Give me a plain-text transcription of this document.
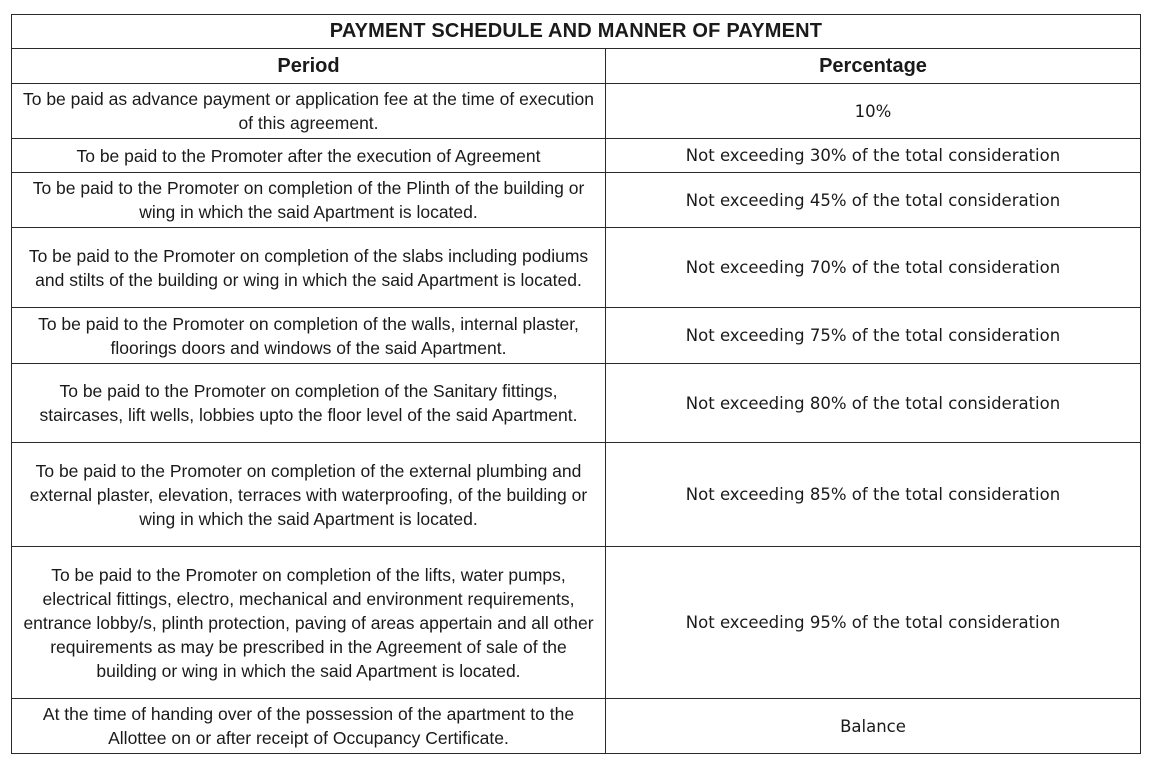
PAYMENT SCHEDULE AND MANNER OF PAYMENT	
Period	Percentage
To be paid as advance payment or application fee at the time of execution of this agreement.	10%
To be paid to the Promoter after the execution of Agreement	Not exceeding 30% of the total consideration
To be paid to the Promoter on completion of the Plinth of the building or wing in which the said Apartment is located.	Not exceeding 45% of the total consideration
To be paid to the Promoter on completion of the slabs including podiums and stilts of the building or wing in which the said Apartment is located.	Not exceeding 70% of the total consideration
To be paid to the Promoter on completion of the walls, internal plaster, floorings doors and windows of the said Apartment.	Not exceeding 75% of the total consideration
To be paid to the Promoter on completion of the Sanitary fittings, staircases, lift wells, lobbies upto the floor level of the said Apartment.	Not exceeding 80% of the total consideration
To be paid to the Promoter on completion of the external plumbing and external plaster, elevation, terraces with waterproofing, of the building or wing in which the said Apartment is located.	Not exceeding 85% of the total consideration
To be paid to the Promoter on completion of the lifts, water pumps, electrical fittings, electro, mechanical and environment requirements, entrance lobby/s, plinth protection, paving of areas appertain and all other requirements as may be prescribed in the Agreement of sale of the building or wing in which the said Apartment is located.	Not exceeding 95% of the total consideration
At the time of handing over of the possession of the apartment to the Allottee on or after receipt of Occupancy Certificate.	Balance
